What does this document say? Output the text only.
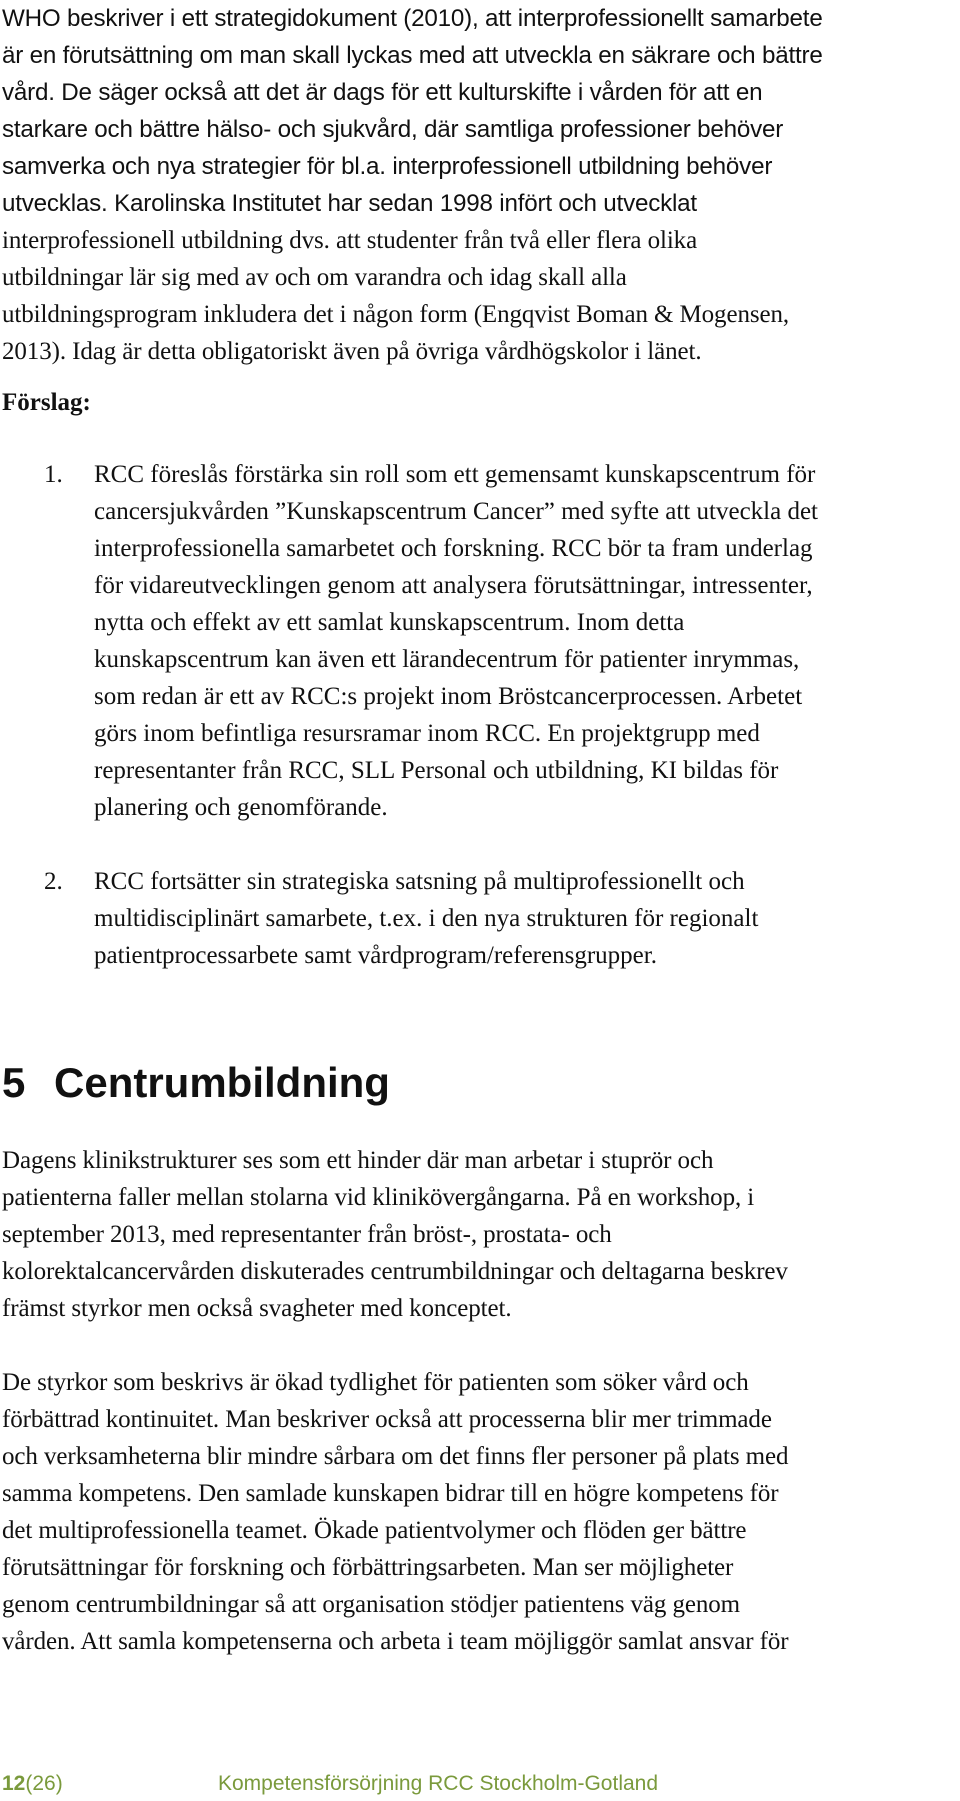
WHO beskriver i ett strategidokument (2010), att interprofessionellt samarbete
är en förutsättning om man skall lyckas med att utveckla en säkrare och bättre
vård. De säger också att det är dags för ett kulturskifte i vården för att en
starkare och bättre hälso- och sjukvård, där samtliga professioner behöver
samverka och nya strategier för bl.a. interprofessionell utbildning behöver
utvecklas. Karolinska Institutet har sedan 1998 infört och utvecklat
interprofessionell utbildning dvs. att studenter från två eller flera olika
utbildningar lär sig med av och om varandra och idag skall alla
utbildningsprogram inkludera det i någon form (Engqvist Boman & Mogensen,
2013). Idag är detta obligatoriskt även på övriga vårdhögskolor i länet.
Förslag:
1. RCC föreslås förstärka sin roll som ett gemensamt kunskapscentrum för
cancersjukvården ”Kunskapscentrum Cancer” med syfte att utveckla det
interprofessionella samarbetet och forskning. RCC bör ta fram underlag
för vidareutvecklingen genom att analysera förutsättningar, intressenter,
nytta och effekt av ett samlat kunskapscentrum. Inom detta
kunskapscentrum kan även ett lärandecentrum för patienter inrymmas,
som redan är ett av RCC:s projekt inom Bröstcancerprocessen. Arbetet
görs inom befintliga resursramar inom RCC. En projektgrupp med
representanter från RCC, SLL Personal och utbildning, KI bildas för
planering och genomförande.
2. RCC fortsätter sin strategiska satsning på multiprofessionellt och
multidisciplinärt samarbete, t.ex. i den nya strukturen för regionalt
patientprocessarbete samt vårdprogram/referensgrupper.
5 Centrumbildning
Dagens klinikstrukturer ses som ett hinder där man arbetar i stuprör och
patienterna faller mellan stolarna vid klinikövergångarna. På en workshop, i
september 2013, med representanter från bröst-, prostata- och
kolorektalcancervården diskuterades centrumbildningar och deltagarna beskrev
främst styrkor men också svagheter med konceptet.
De styrkor som beskrivs är ökad tydlighet för patienten som söker vård och
förbättrad kontinuitet. Man beskriver också att processerna blir mer trimmade
och verksamheterna blir mindre sårbara om det finns fler personer på plats med
samma kompetens. Den samlade kunskapen bidrar till en högre kompetens för
det multiprofessionella teamet. Ökade patientvolymer och flöden ger bättre
förutsättningar för forskning och förbättringsarbeten. Man ser möjligheter
genom centrumbildningar så att organisation stödjer patientens väg genom
vården. Att samla kompetenserna och arbeta i team möjliggör samlat ansvar för
12(26)	Kompetensförsörjning RCC Stockholm-Gotland
